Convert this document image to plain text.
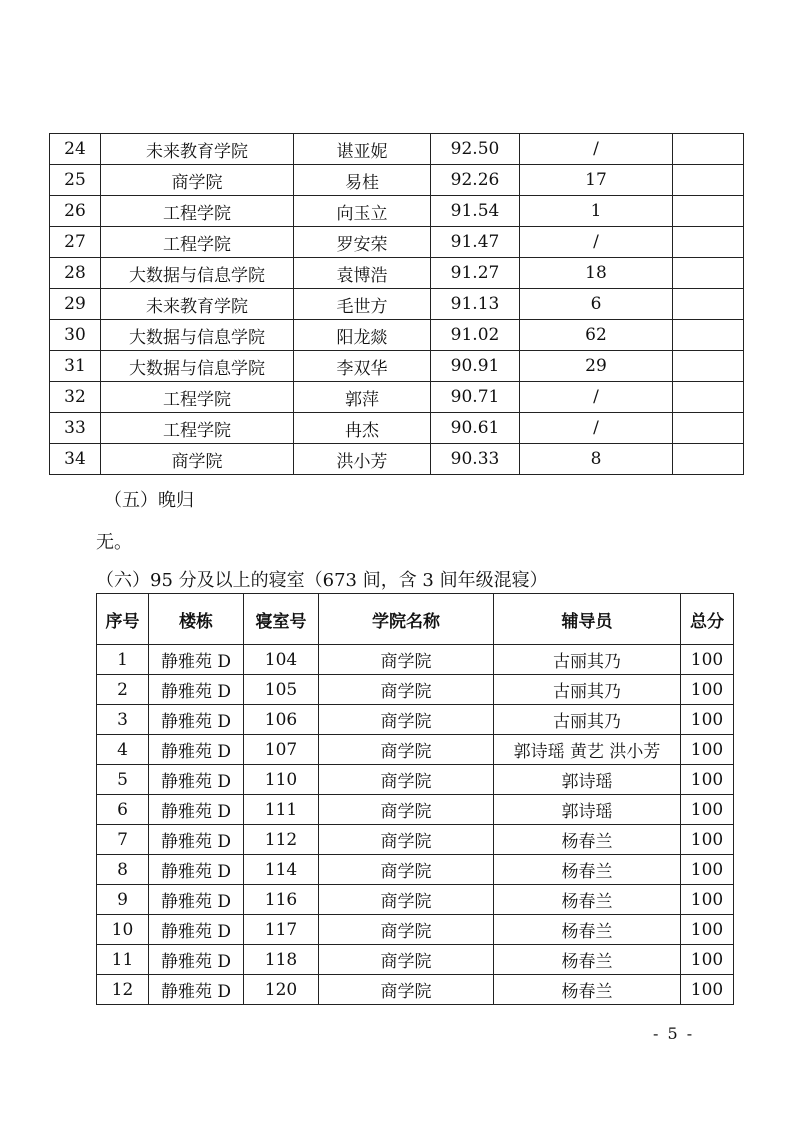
24	未来教育学院	谌亚妮	92.50	/	
25	商学院	易桂	92.26	17	
26	工程学院	向玉立	91.54	1	
27	工程学院	罗安荣	91.47	/	
28	大数据与信息学院	袁博浩	91.27	18	
29	未来教育学院	毛世方	91.13	6	
30	大数据与信息学院	阳龙燚	91.02	62	
31	大数据与信息学院	李双华	90.91	29	
32	工程学院	郭萍	90.71	/	
33	工程学院	冉杰	90.61	/	
34	商学院	洪小芳	90.33	8	
（五）晚归
无。
（六）95 分及以上的寝室（673 间，含 3 间年级混寝）
序号	楼栋	寝室号	学院名称	辅导员	总分
1	静雅苑 D	104	商学院	古丽其乃	100
2	静雅苑 D	105	商学院	古丽其乃	100
3	静雅苑 D	106	商学院	古丽其乃	100
4	静雅苑 D	107	商学院	郭诗瑶 黄艺 洪小芳	100
5	静雅苑 D	110	商学院	郭诗瑶	100
6	静雅苑 D	111	商学院	郭诗瑶	100
7	静雅苑 D	112	商学院	杨春兰	100
8	静雅苑 D	114	商学院	杨春兰	100
9	静雅苑 D	116	商学院	杨春兰	100
10	静雅苑 D	117	商学院	杨春兰	100
11	静雅苑 D	118	商学院	杨春兰	100
12	静雅苑 D	120	商学院	杨春兰	100
- 5 -
